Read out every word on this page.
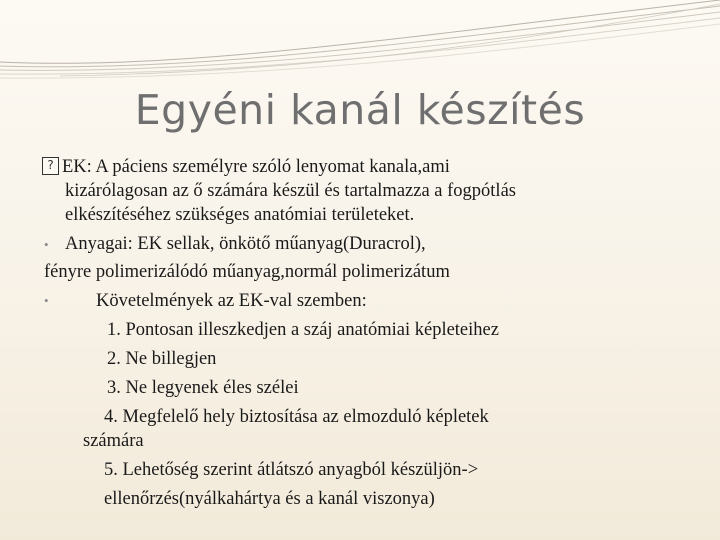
Egyéni kanál készítés
? EK: A páciens személyre szóló lenyomat kanala,ami
kizárólagosan az ő számára készül és tartalmazza a fogpótlás
elkészítéséhez szükséges anatómiai területeket.
• Anyagai: EK sellak, önkötő műanyag(Duracrol),
fényre polimerizálódó műanyag,normál polimerizátum
•	Követelmények az EK-val szemben:
1. Pontosan illeszkedjen a száj anatómiai képleteihez
2. Ne billegjen
3. Ne legyenek éles szélei
4. Megfelelő hely biztosítása az elmozduló képletek
számára
5. Lehetőség szerint átlátszó anyagból készüljön->
ellenőrzés(nyálkahártya és a kanál viszonya)
